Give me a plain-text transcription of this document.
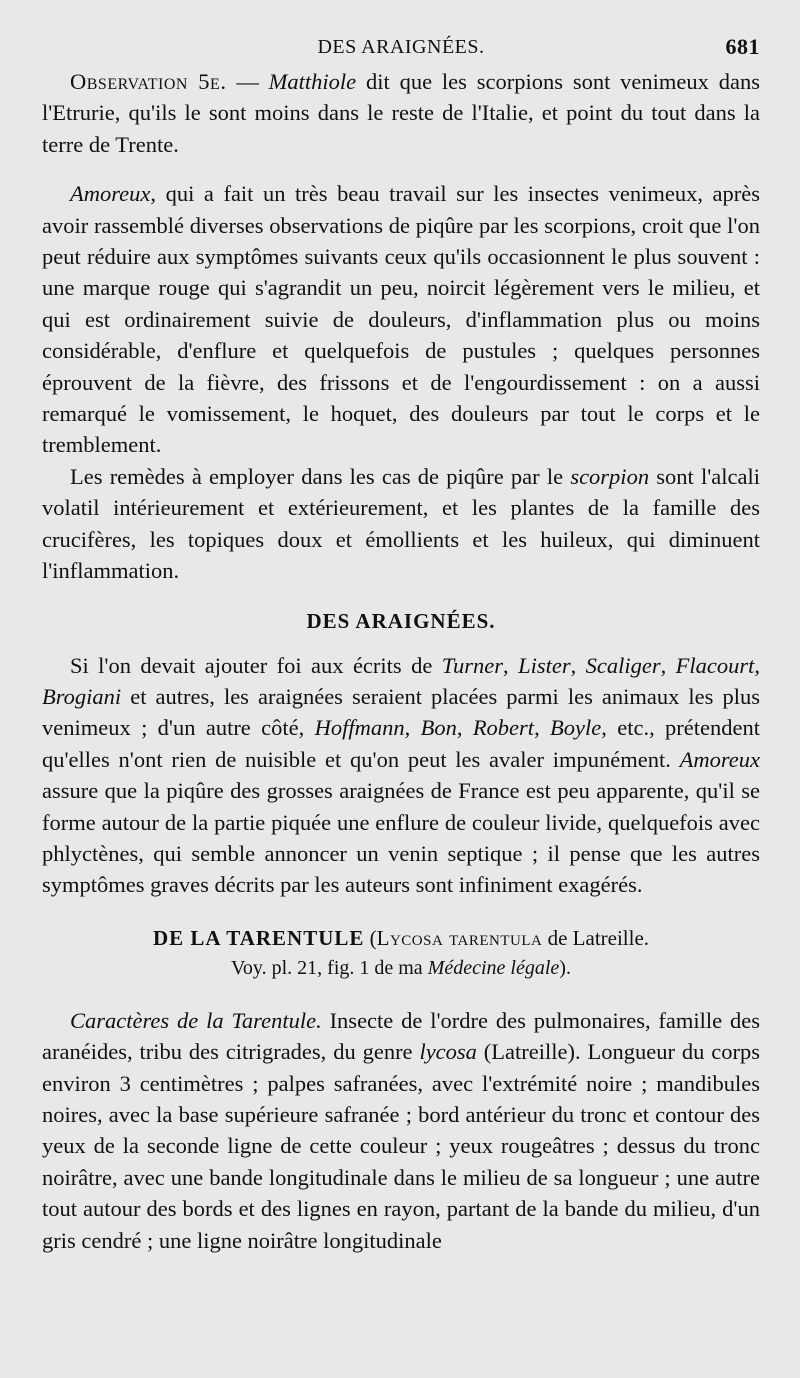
DES ARAIGNÉES.	681

Observation 5e. — Matthiole dit que les scorpions sont venimeux dans l'Etrurie, qu'ils le sont moins dans le reste de l'Italie, et point du tout dans la terre de Trente.

Amoreux, qui a fait un très beau travail sur les insectes venimeux, après avoir rassemblé diverses observations de piqûre par les scorpions, croit que l'on peut réduire aux symptômes suivants ceux qu'ils occasionnent le plus souvent : une marque rouge qui s'agrandit un peu, noircit légèrement vers le milieu, et qui est ordinairement suivie de douleurs, d'inflammation plus ou moins considérable, d'enflure et quelquefois de pustules ; quelques personnes éprouvent de la fièvre, des frissons et de l'engourdissement : on a aussi remarqué le vomissement, le hoquet, des douleurs par tout le corps et le tremblement.

Les remèdes à employer dans les cas de piqûre par le scorpion sont l'alcali volatil intérieurement et extérieurement, et les plantes de la famille des crucifères, les topiques doux et émollients et les huileux, qui diminuent l'inflammation.

DES ARAIGNÉES.

Si l'on devait ajouter foi aux écrits de Turner, Lister, Scaliger, Flacourt, Brogiani et autres, les araignées seraient placées parmi les animaux les plus venimeux ; d'un autre côté, Hoffmann, Bon, Robert, Boyle, etc., prétendent qu'elles n'ont rien de nuisible et qu'on peut les avaler impunément. Amoreux assure que la piqûre des grosses araignées de France est peu apparente, qu'il se forme autour de la partie piquée une enflure de couleur livide, quelquefois avec phlyctènes, qui semble annoncer un venin septique ; il pense que les autres symptômes graves décrits par les auteurs sont infiniment exagérés.

DE LA TARENTULE (Lycosa tarentula de Latreille.
Voy. pl. 21, fig. 1 de ma Médecine légale).

Caractères de la Tarentule. Insecte de l'ordre des pulmonaires, famille des aranéides, tribu des citrigrades, du genre lycosa (Latreille). Longueur du corps environ 3 centimètres ; palpes safranées, avec l'extrémité noire ; mandibules noires, avec la base supérieure safranée ; bord antérieur du tronc et contour des yeux de la seconde ligne de cette couleur ; yeux rougeâtres ; dessus du tronc noirâtre, avec une bande longitudinale dans le milieu de sa longueur ; une autre tout autour des bords et des lignes en rayon, partant de la bande du milieu, d'un gris cendré ; une ligne noirâtre longitudinale
